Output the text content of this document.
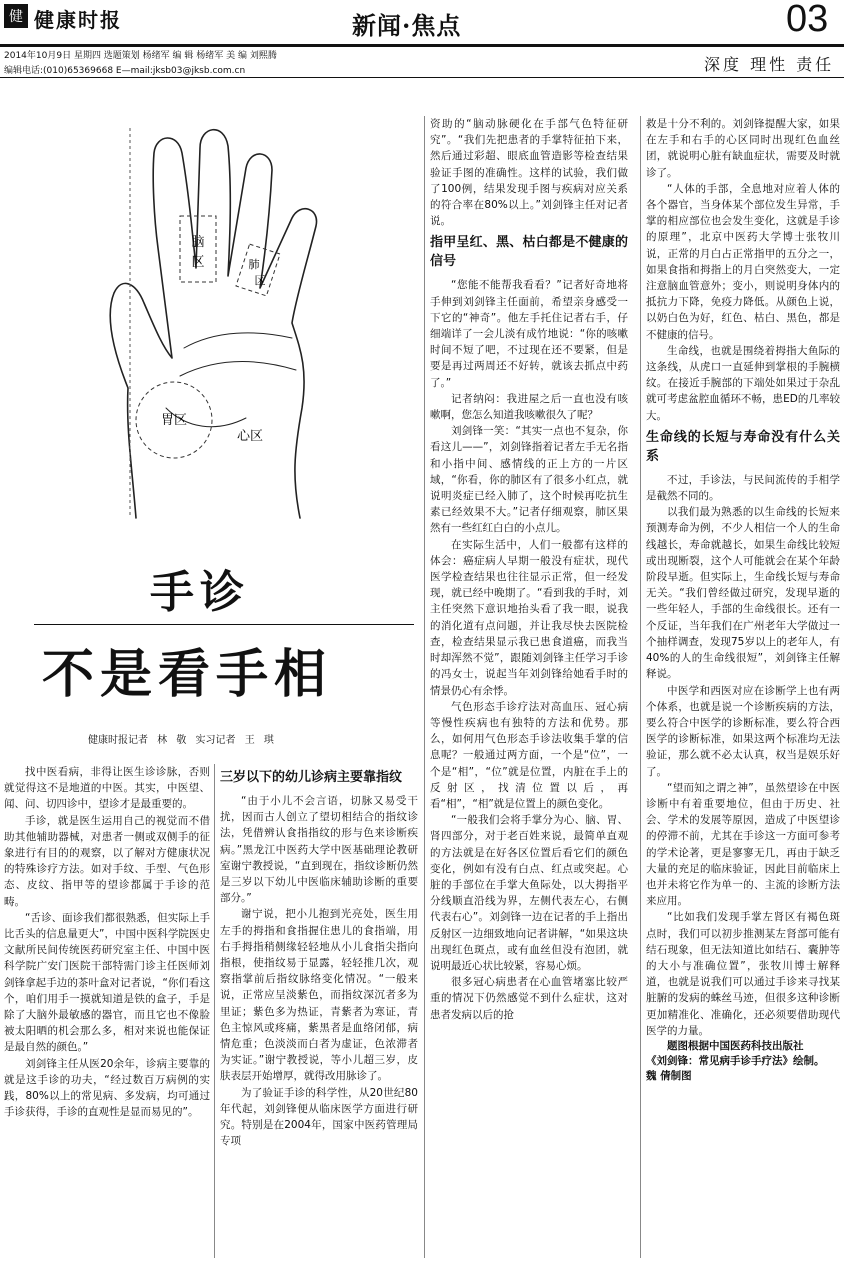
健 健康时报	新闻·焦点	03
2014年10月9日 星期四 选题策划 杨绪军 编 辑 杨绪军 美 编 刘熙腾
编辑电话:(010)65369668 E—mail:jksb03@jksb.com.cn	深度 理性 责任
脑
区	肺
区
胃区
心区
手诊
不是看手相
健康时报记者 林 敬 实习记者 王 琪

找中医看病，非得让医生诊诊脉，否则就觉得这不是地道的中医。其实，中医望、闻、问、切四诊中，望诊才是最重要的。

手诊，就是医生运用自己的视觉而不借助其他辅助器械，对患者一侧或双侧手的征象进行有目的的观察，以了解对方健康状况的特殊诊疗方法。如对手纹、手型、气色形态、皮纹、指甲等的望诊都属于手诊的范畴。

“舌诊、面诊我们都很熟悉，但实际上手比舌头的信息量更大”，中国中医科学院医史文献所民间传统医药研究室主任、中国中医科学院广安门医院干部特需门诊主任医师刘剑锋拿起手边的茶叶盒对记者说，“你们看这个，咱们用手一摸就知道是铁的盒子，手是除了大脑外最敏感的器官，而且它也不像脸被太阳晒的机会那么多，相对来说也能保证是最自然的颜色。”

刘剑锋主任从医20余年，诊病主要靠的就是这手诊的功夫，“经过数百万病例的实践，80%以上的常见病、多发病，均可通过手诊获得，手诊的直观性是显而易见的”。

三岁以下的幼儿诊病主要靠指纹

“由于小儿不会言语，切脉又易受干扰，因而古人创立了望切相结合的指纹诊法，凭借辨认食指指纹的形与色来诊断疾病。”黑龙江中医药大学中医基础理论教研室谢宁教授说，“直到现在，指纹诊断仍然是三岁以下幼儿中医临床辅助诊断的重要部分。”

谢宁说，把小儿抱到光亮处，医生用左手的拇指和食指握住患儿的食指端，用右手拇指稍侧缘轻轻地从小儿食指尖指向指根，使指纹易于显露，轻轻推几次，观察指掌前后指纹脉络变化情况。“一般来说，正常应呈淡紫色，而指纹深沉者多为里证；紫色多为热证，青紫者为寒证，青色主惊风或疼痛，紫黑者是血络闭郁，病情危重；色淡淡而白者为虚证，色浓滞者为实证。”谢宁教授说，等小儿超三岁，皮肤表层开始增厚，就得改用脉诊了。

为了验证手诊的科学性，从20世纪80年代起，刘剑锋便从临床医学方面进行研究。特别是在2004年，国家中医药管理局专项

资助的“脑动脉硬化在手部气色特征研究”。“我们先把患者的手掌特征拍下来，然后通过彩超、眼底血管造影等检查结果验证手图的准确性。这样的试验，我们做了100例，结果发现手图与疾病对应关系的符合率在80%以上。”刘剑锋主任对记者说。

指甲呈红、黑、枯白都是不健康的信号

“您能不能帮我看看？”记者好奇地将手伸到刘剑锋主任面前，希望亲身感受一下它的“神奇”。他左手托住记者右手，仔细端详了一会儿淡有成竹地说：“你的咳嗽时间不短了吧，不过现在还不要紧，但是要是再过两周还不好转，就该去抓点中药了。”

记者纳闷：我进屋之后一直也没有咳嗽啊，您怎么知道我咳嗽很久了呢？

刘剑锋一笑：“其实一点也不复杂，你看这儿——”，刘剑锋指着记者左手无名指和小指中间、感情线的正上方的一片区域，“你看，你的肺区有了很多小红点，就说明炎症已经入肺了，这个时候再吃抗生素已经效果不大。”记者仔细观察，肺区果然有一些红红白白的小点儿。

在实际生活中，人们一般都有这样的体会：癌症病人早期一般没有症状，现代医学检查结果也往往显示正常，但一经发现，就已经中晚期了。“看到我的手时，刘主任突然下意识地抬头看了我一眼，说我的消化道有点问题，并让我尽快去医院检查，检查结果显示我已患食道癌，而我当时却浑然不觉”，跟随刘剑锋主任学习手诊的冯女士，说起当年刘剑锋给她看手时的情景仍心有余悸。

气色形态手诊疗法对高血压、冠心病等慢性疾病也有独特的方法和优势。那么，如何用气色形态手诊法收集手掌的信息呢？一般通过两方面，一个是“位”，一个是“相”，“位”就是位置，内脏在手上的反射区，找清位置以后，再看“相”，“相”就是位置上的颜色变化。

“一般我们会将手掌分为心、脑、胃、肾四部分，对于老百姓来说，最简单直观的方法就是在好各区位置后看它们的颜色变化，例如有没有白点、红点或突起。心脏的手部位在手掌大鱼际处，以大拇指平分线顺直沿线为界，左侧代表左心，右侧代表右心”。刘剑锋一边在记者的手上指出反射区一边细致地向记者讲解，“如果这块出现红色斑点，或有血丝但没有泡团，就说明最近心状比较紧，容易心烦。

很多冠心病患者在心血管堵塞比较严重的情况下仍然感觉不到什么症状，这对患者发病以后的抢

救是十分不利的。刘剑锋提醒大家，如果在左手和右手的心区同时出现红色血丝团，就说明心脏有缺血症状，需要及时就诊了。

“人体的手部，全息地对应着人体的各个器官，当身体某个部位发生异常，手掌的相应部位也会发生变化，这就是手诊的原理”，北京中医药大学博士张牧川说，正常的月白占正常指甲的五分之一，如果食指和拇指上的月白突然变大，一定注意脑血管意外；变小，则说明身体内的抵抗力下降，免疫力降低。从颜色上说，以奶白色为好，红色、枯白、黑色，都是不健康的信号。

生命线，也就是围绕着拇指大鱼际的这条线，从虎口一直延伸到掌根的手腕横纹。在接近手腕部的下端处如果过于杂乱就可考虑盆腔血循环不畅，患ED的几率较大。

生命线的长短与寿命没有什么关系

不过，手诊法，与民间流传的手相学是截然不同的。

以我们最为熟悉的以生命线的长短来预测寿命为例，不少人相信一个人的生命线越长，寿命就越长，如果生命线比较短或出现断裂，这个人可能就会在某个年龄阶段早逝。但实际上，生命线长短与寿命无关。“我们曾经做过研究，发现早逝的一些年轻人，手部的生命线很长。还有一个反证，当年我们在广州老年大学做过一个抽样调查，发现75岁以上的老年人，有40%的人的生命线很短”，刘剑锋主任解释说。

中医学和西医对应在诊断学上也有两个体系，也就是说一个诊断疾病的方法，要么符合中医学的诊断标准，要么符合西医学的诊断标准，如果这两个标准均无法验证，那么就不必太认真，权当是娱乐好了。

“望而知之谓之神”，虽然望诊在中医诊断中有着重要地位，但由于历史、社会、学术的发展等原因，造成了中医望诊的停滞不前，尤其在手诊这一方面可参考的学术论著，更是寥寥无几，再由于缺乏大量的充足的临床验证，因此目前临床上也并未将它作为单一的、主流的诊断方法来应用。

“比如我们发现手掌左肾区有褐色斑点时，我们可以初步推测某左肾部可能有结石现象，但无法知道比如结石、囊肿等的大小与准确位置”，张牧川博士解释道，也就是说我们可以通过手诊来寻找某脏腑的发病的蛛丝马迹，但很多这种诊断更加精准化、准确化，还必须要借助现代医学的力量。

题图根据中国医药科技出版社
《刘剑锋：常见病手诊手疗法》绘制。
魏 倩制图
